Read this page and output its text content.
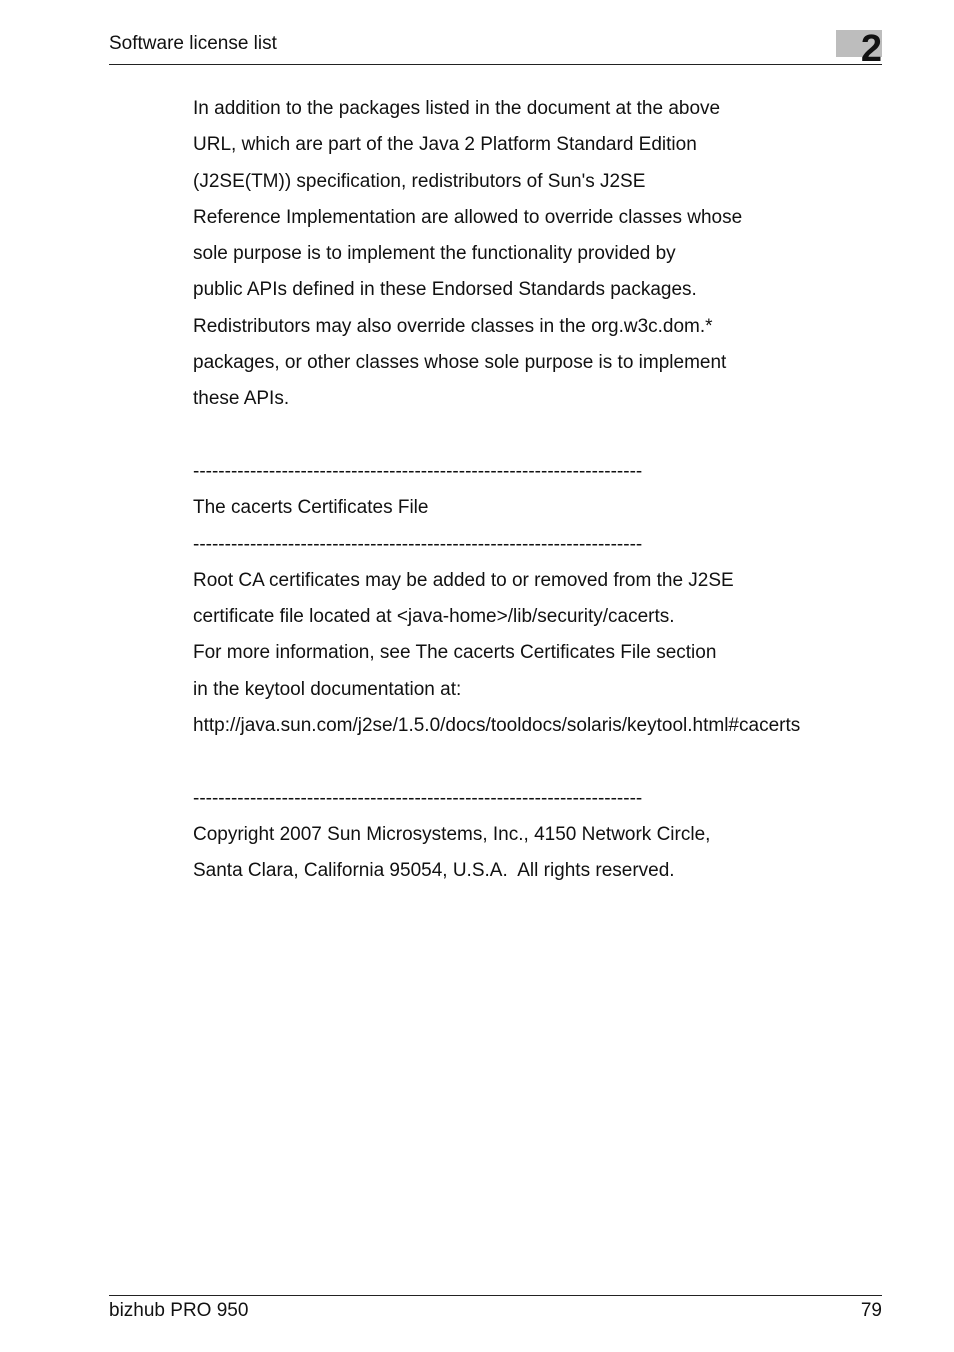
Software license list	2
In addition to the packages listed in the document at the above
URL, which are part of the Java 2 Platform Standard Edition
(J2SE(TM)) specification, redistributors of Sun's J2SE
Reference Implementation are allowed to override classes whose
sole purpose is to implement the functionality provided by
public APIs defined in these Endorsed Standards packages.
Redistributors may also override classes in the org.w3c.dom.*
packages, or other classes whose sole purpose is to implement
these APIs.
-----------------------------------------------------------------------
The cacerts Certificates File
-----------------------------------------------------------------------
Root CA certificates may be added to or removed from the J2SE
certificate file located at <java-home>/lib/security/cacerts.
For more information, see The cacerts Certificates File section
in the keytool documentation at:
http://java.sun.com/j2se/1.5.0/docs/tooldocs/solaris/keytool.html#cacerts
-----------------------------------------------------------------------
Copyright 2007 Sun Microsystems, Inc., 4150 Network Circle,
Santa Clara, California 95054, U.S.A.  All rights reserved.
bizhub PRO 950	79
